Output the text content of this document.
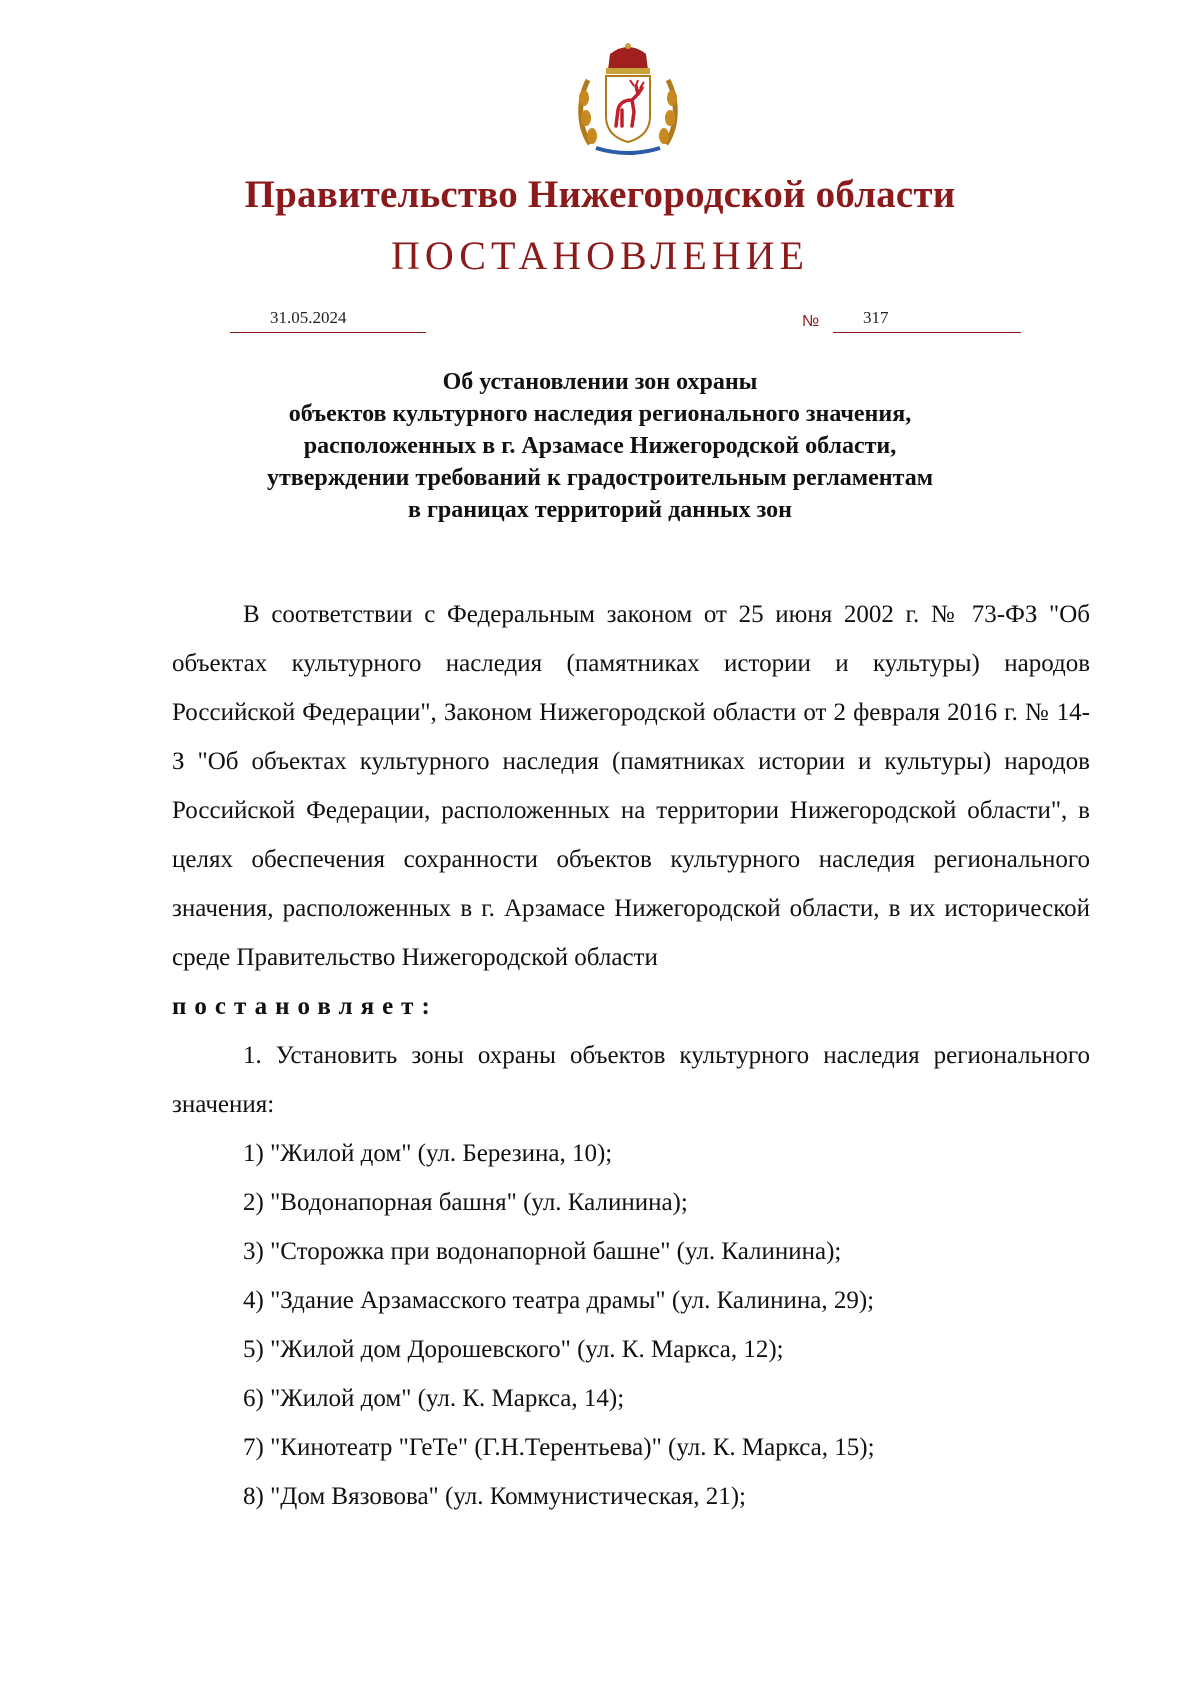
Правительство Нижегородской области
ПОСТАНОВЛЕНИЕ
31.05.2024	№	317
Об установлении зон охраны
объектов культурного наследия регионального значения,
расположенных в г. Арзамасе Нижегородской области,
утверждении требований к градостроительным регламентам
в границах территорий данных зон

В соответствии с Федеральным законом от 25 июня 2002 г. № 73-ФЗ "Об объектах культурного наследия (памятниках истории и культуры) народов Российской Федерации", Законом Нижегородской области от 2 февраля 2016 г. № 14-З "Об объектах культурного наследия (памятниках истории и культуры) народов Российской Федерации, расположенных на территории Нижегородской области", в целях обеспечения сохранности объектов культурного наследия регионального значения, расположенных в г. Арзамасе Нижегородской области, в их исторической среде Правительство Нижегородской области

постановляет:

1. Установить зоны охраны объектов культурного наследия регионального значения:

1) "Жилой дом" (ул. Березина, 10);
2) "Водонапорная башня" (ул. Калинина);
3) "Сторожка при водонапорной башне" (ул. Калинина);
4) "Здание Арзамасского театра драмы" (ул. Калинина, 29);
5) "Жилой дом Дорошевского" (ул. К. Маркса, 12);
6) "Жилой дом" (ул. К. Маркса, 14);
7) "Кинотеатр "ГеТе" (Г.Н.Терентьева)" (ул. К. Маркса, 15);
8) "Дом Вязовова" (ул. Коммунистическая, 21);
